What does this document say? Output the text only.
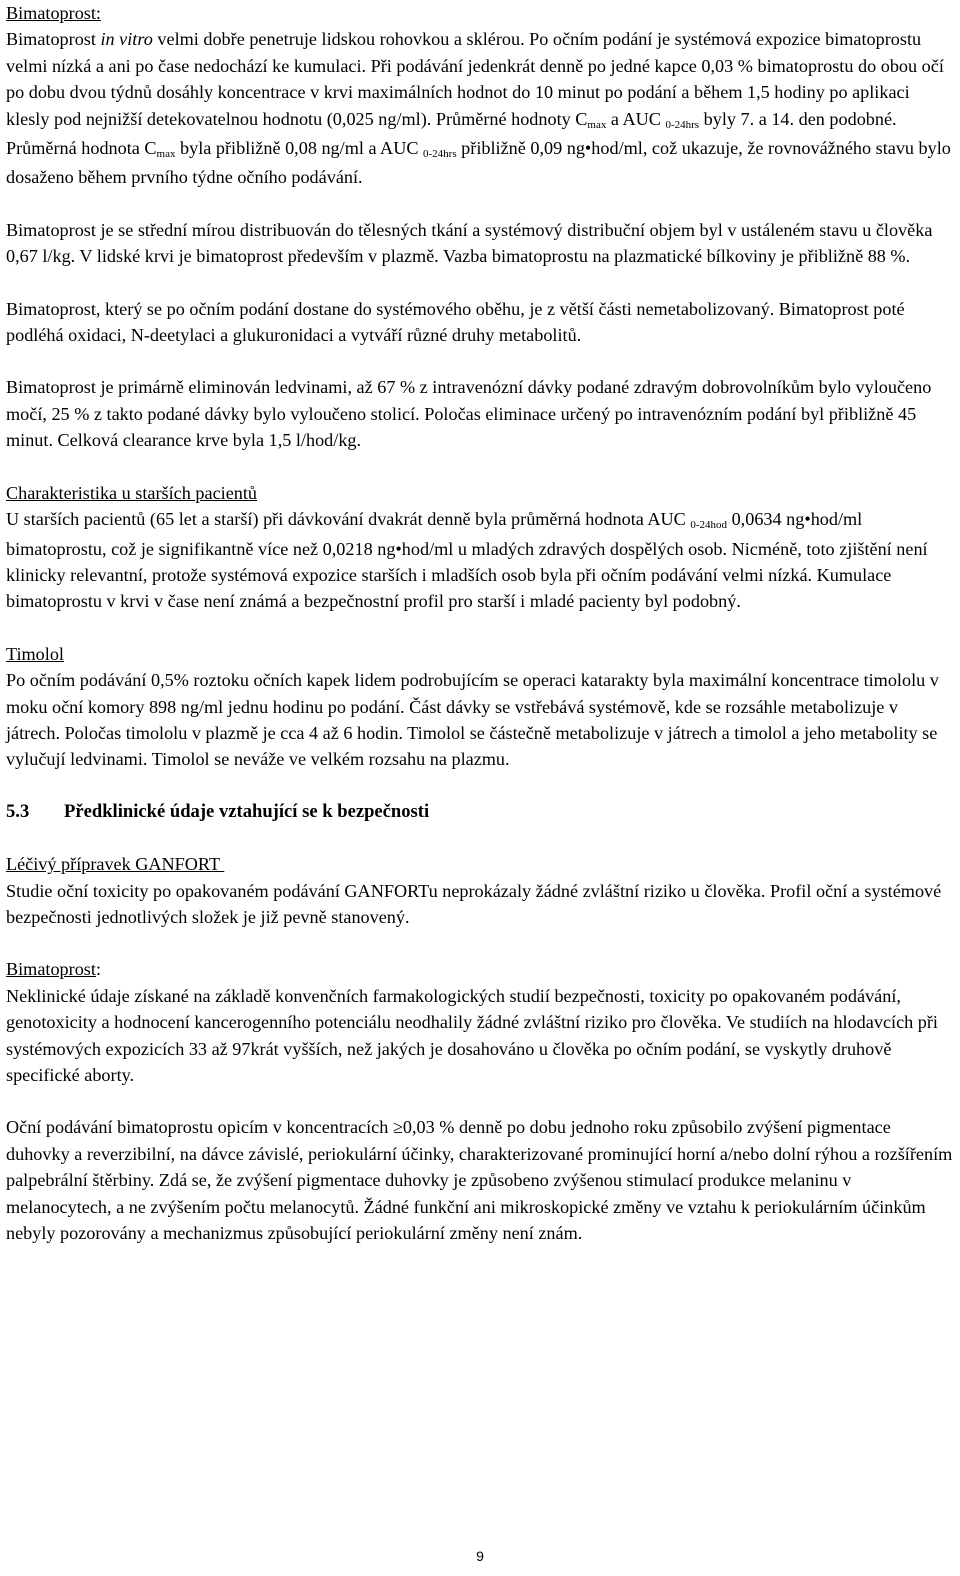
Bimatoprost:

Bimatoprost in vitro velmi dobře penetruje lidskou rohovkou a sklérou. Po očním podání je systémová expozice bimatoprostu velmi nízká a ani po čase nedochází ke kumulaci. Při podávání jedenkrát denně po jedné kapce 0,03 % bimatoprostu do obou očí po dobu dvou týdnů dosáhly koncentrace v krvi maximálních hodnot do 10 minut po podání a během 1,5 hodiny po aplikaci klesly pod nejnižší detekovatelnou hodnotu (0,025 ng/ml). Průměrné hodnoty Cmax a AUC 0-24hrs byly 7. a 14. den podobné. Průměrná hodnota Cmax byla přibližně 0,08 ng/ml a AUC 0-24hrs přibližně 0,09 ng•hod/ml, což ukazuje, že rovnovážného stavu bylo dosaženo během prvního týdne očního podávání.

Bimatoprost je se střední mírou distribuován do tělesných tkání a systémový distribuční objem byl v ustáleném stavu u člověka 0,67 l/kg. V lidské krvi je bimatoprost především v plazmě. Vazba bimatoprostu na plazmatické bílkoviny je přibližně 88 %.

Bimatoprost, který se po očním podání dostane do systémového oběhu, je z větší části nemetabolizovaný. Bimatoprost poté podléhá oxidaci, N-deetylaci a glukuronidaci a vytváří různé druhy metabolitů.

Bimatoprost je primárně eliminován ledvinami, až 67 % z intravenózní dávky podané zdravým dobrovolníkům bylo vyloučeno močí, 25 % z takto podané dávky bylo vyloučeno stolicí. Poločas eliminace určený po intravenózním podání byl přibližně 45 minut. Celková clearance krve byla 1,5 l/hod/kg.

Charakteristika u starších pacientů

U starších pacientů (65 let a starší) při dávkování dvakrát denně byla průměrná hodnota AUC 0-24hod 0,0634 ng•hod/ml bimatoprostu, což je signifikantně více než 0,0218 ng•hod/ml u mladých zdravých dospělých osob. Nicméně, toto zjištění není klinicky relevantní, protože systémová expozice starších i mladších osob byla při očním podávání velmi nízká. Kumulace bimatoprostu v krvi v čase není známá a bezpečnostní profil pro starší i mladé pacienty byl podobný.

Timolol

Po očním podávání 0,5% roztoku očních kapek lidem podrobujícím se operaci katarakty byla maximální koncentrace timololu v moku oční komory 898 ng/ml jednu hodinu po podání. Část dávky se vstřebává systémově, kde se rozsáhle metabolizuje v játrech. Poločas timololu v plazmě je cca 4 až 6 hodin. Timolol se částečně metabolizuje v játrech a timolol a jeho metabolity se vylučují ledvinami. Timolol se neváže ve velkém rozsahu na plazmu.

5.3 Předklinické údaje vztahující se k bezpečnosti

Léčivý přípravek GANFORT

Studie oční toxicity po opakovaném podávání GANFORTu neprokázaly žádné zvláštní riziko u člověka. Profil oční a systémové bezpečnosti jednotlivých složek je již pevně stanovený.

Bimatoprost:

Neklinické údaje získané na základě konvenčních farmakologických studií bezpečnosti, toxicity po opakovaném podávání, genotoxicity a hodnocení kancerogenního potenciálu neodhalily žádné zvláštní riziko pro člověka. Ve studiích na hlodavcích při systémových expozicích 33 až 97krát vyšších, než jakých je dosahováno u člověka po očním podání, se vyskytly druhově specifické aborty.

Oční podávání bimatoprostu opicím v koncentracích ≥0,03 % denně po dobu jednoho roku způsobilo zvýšení pigmentace duhovky a reverzibilní, na dávce závislé, periokulární účinky, charakterizované prominující horní a/nebo dolní rýhou a rozšířením palpebrální štěrbiny. Zdá se, že zvýšení pigmentace duhovky je způsobeno zvýšenou stimulací produkce melaninu v melanocytech, a ne zvýšením počtu melanocytů. Žádné funkční ani mikroskopické změny ve vztahu k periokulárním účinkům nebyly pozorovány a mechanizmus způsobující periokulární změny není znám.

9
